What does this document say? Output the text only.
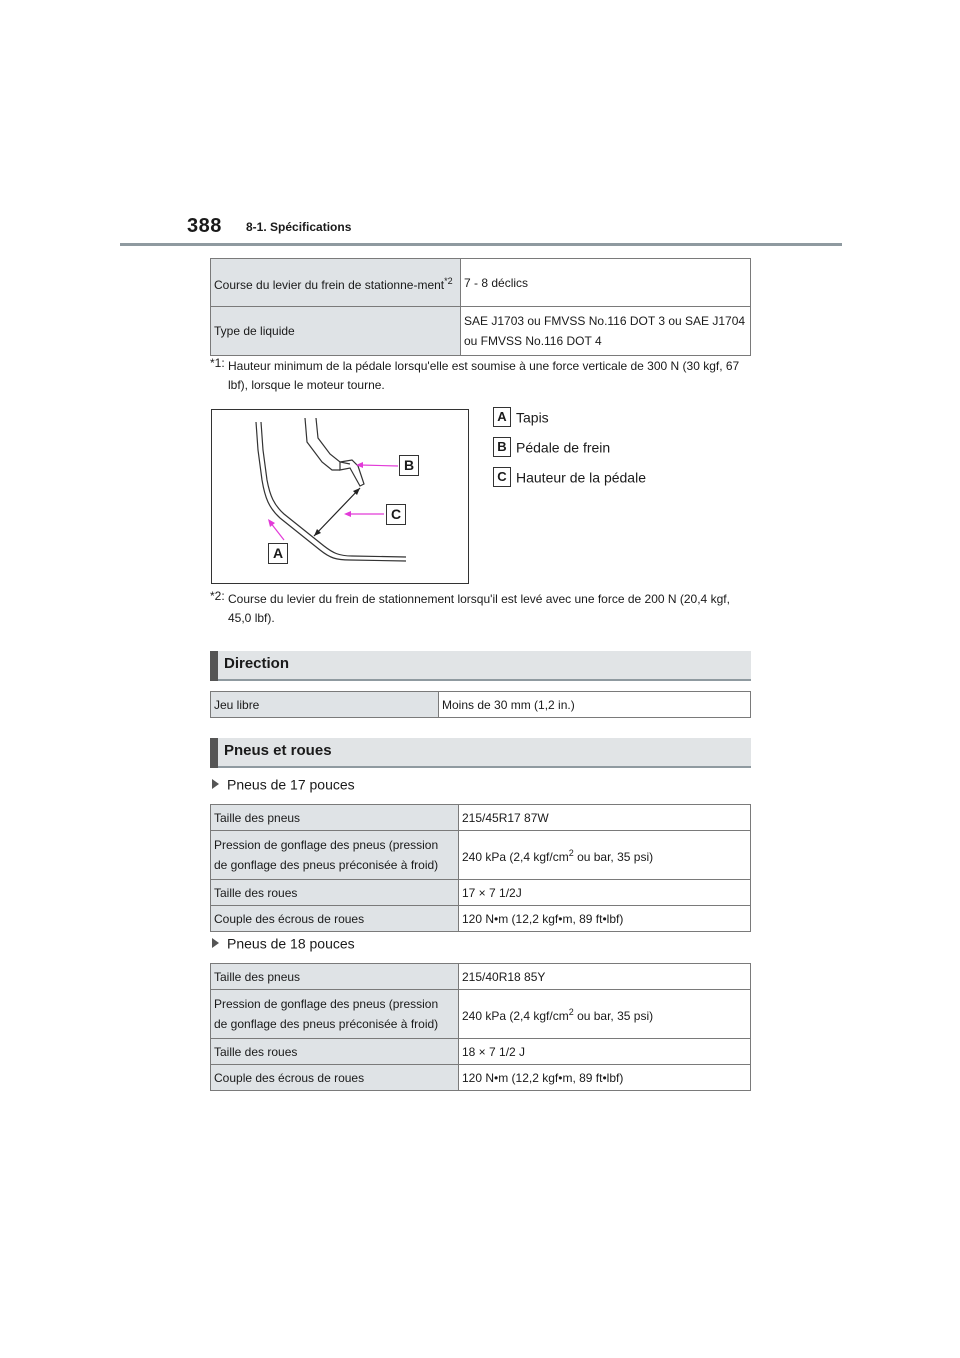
388 8-1. Spécifications
Course du levier du frein de stationne-ment$^{*2}$	7 - 8 déclics
Type de liquide	SAE J1703 ou FMVSS No.116 DOT 3 ou SAE J1704
ou FMVSS No.116 DOT 4
*1: Hauteur minimum de la pédale lorsqu'elle est soumise à une force verticale de 300 N (30 kgf, 67 lbf), lorsque le moteur tourne.
B
C
A
A Tapis
B Pédale de frein
C Hauteur de la pédale
*2: Course du levier du frein de stationnement lorsqu'il est levé avec une force de 200 N (20,4 kgf, 45,0 lbf).
Direction
Jeu libre	Moins de 30 mm (1,2 in.)
Pneus et roues
Pneus de 17 pouces
Taille des pneus	215/45R17 87W

Pression de gonflage des pneus (pression
de gonflage des pneus préconisée à froid)	240 kPa (2,4 kgf/$cm^2$ ou bar, 35 psi)
Taille des roues	17 × 7 1/2J
Couple des écrous de roues	120 N•m (12,2 kgf•m, 89 ft•lbf)
Pneus de 18 pouces
Taille des pneus	215/40R18 85Y

Pression de gonflage des pneus (pression
de gonflage des pneus préconisée à froid)	240 kPa (2,4 kgf/$cm^2$ ou bar, 35 psi)
Taille des roues	18 × 7 1/2 J
Couple des écrous de roues	120 N•m (12,2 kgf•m, 89 ft•lbf)
